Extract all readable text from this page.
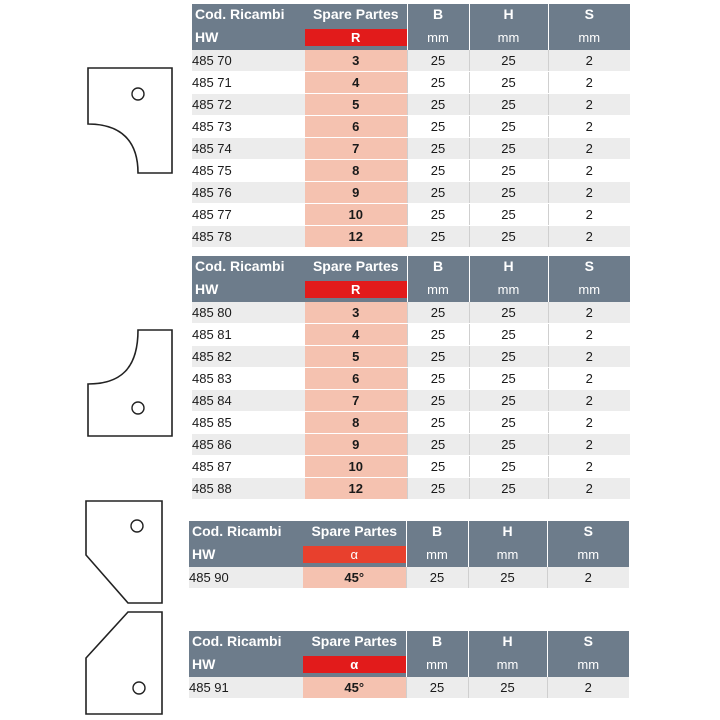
Cod. Ricambi	Spare Partes	B	H	S
HW	R	mm	mm	mm
485 70	3	25	25	2
485 71	4	25	25	2
485 72	5	25	25	2
485 73	6	25	25	2
485 74	7	25	25	2
485 75	8	25	25	2
485 76	9	25	25	2
485 77	10	25	25	2
485 78	12	25	25	2
Cod. Ricambi	Spare Partes	B	H	S
HW	R	mm	mm	mm
485 80	3	25	25	2
485 81	4	25	25	2
485 82	5	25	25	2
485 83	6	25	25	2
485 84	7	25	25	2
485 85	8	25	25	2
485 86	9	25	25	2
485 87	10	25	25	2
485 88	12	25	25	2
Cod. Ricambi	Spare Partes	B	H	S
HW	α	mm	mm	mm
485 90	45°	25	25	2
Cod. Ricambi	Spare Partes	B	H	S
HW	α	mm	mm	mm
485 91	45°	25	25	2
